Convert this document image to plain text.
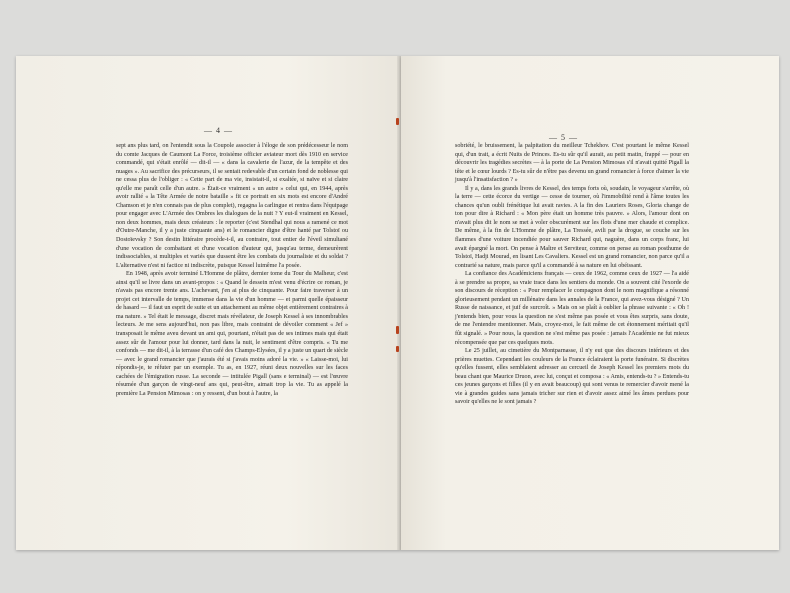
— 4 —

sept ans plus tard, on l'entendit sous la Coupole associer à l'éloge de son prédécesseur le nom du comte Jacques de Caumont La Force, troisième officier aviateur mort dès 1910 en service commandé, qui s'était enrôlé — dit-il — « dans la cavalerie de l'azur, de la tempête et des nuages ». Au sacrifice des précurseurs, il se sentait redevable d'un certain fond de noblesse qui ne cessa plus de l'obliger : « Cette part de ma vie, insistait-il, si exaltée, si naïve et si claire qu'elle me paraît celle d'un autre. » Était-ce vraiment « un autre » celui qui, en 1944, après avoir rallié « la Tête Armée de notre bataille » fit ce portrait en six mots est encore d'André Chamson et je n'en connais pas de plus complet), regagna la carlingue et rentra dans l'équipage pour engager avec L'Armée des Ombres les dialogues de la nuit ? Y eut-il vraiment en Kessel, non deux hommes, mais deux créateurs : le reporter (c'est Stendhal qui nous a ramené ce mot d'Outre-Manche, il y a juste cinquante ans) et le romancier digne d'être hanté par Tolstoï ou Dostoïevsky ? Son destin littéraire procède-t-il, au contraire, tout entier de l'éveil simultané d'une vocation de combattant et d'une vocation d'auteur qui, jusqu'au terme, demeurèrent indissociables, si multiples et variés que dussent être les combats du journaliste et du soldat ? L'alternative n'est ni factice ni indiscrète, puisque Kessel luimême l'a posée.

En 1948, après avoir terminé L'Homme de plâtre, dernier tome du Tour du Malheur, c'est ainsi qu'il se livre dans un avant-propos : « Quand le dessein m'est venu d'écrire ce roman, je n'avais pas encore trente ans. L'achevant, j'en ai plus de cinquante. Pour faire traverser à un projet cet intervalle de temps, immense dans la vie d'un homme — et parmi quelle épaisseur de hasard — il faut un esprit de suite et un attachement au même objet entièrement contraires à ma nature. » Tel était le message, discret mais révélateur, de Joseph Kessel à ses innombrables lecteurs. Je me sens aujourd'hui, non pas libre, mais contraint de dévoiler comment « Jef » transposait le même aveu devant un ami qui, pourtant, n'était pas de ses intimes mais qui était assez sûr de l'amour pour lui donner, tard dans la nuit, le sentiment d'être compris. « Tu me confonds — me dit-il, à la terrasse d'un café des Champs-Elysées, il y a juste un quart de siècle — avec le grand romancier que j'aurais été si j'avais moins adoré la vie. » « Laisse-moi, lui répondis-je, te réfuter par un exemple. Tu as, en 1927, réuni deux nouvelles sur les faces cachées de l'émigration russe. La seconde — intitulée Pigall (sans e terminal) — est l'œuvre résumée d'un garçon de vingt-neuf ans qui, peut-être, aimait trop la vie. Tu as appelé la première La Pension Mimosas : on y ressent, d'un bout à l'autre, la

— 5 —

sobriété, le bruissement, la palpitation du meilleur Tchekhov. C'est pourtant le même Kessel qui, d'un trait, a écrit Nuits de Princes. Es-tu sûr qu'il aurait, au petit matin, frappé — pour en découvrir les tragédies secrètes — à la porte de La Pension Mimosas s'il n'avait quitté Pigall la tête et le cœur lourds ? Es-tu sûr de n'être pas devenu un grand romancier à force d'aimer la vie jusqu'à l'insatisfaction ? »

Il y a, dans les grands livres de Kessel, des temps forts où, soudain, le voyageur s'arrête, où la terre — cette écorce du vertige — cesse de tourner, où l'immobilité rend à l'âme toutes les chances qu'un oubli frénétique lui avait ravies. A la fin des Lauriers Roses, Gloria change de ton pour dire à Richard : « Mon père était un homme très pauvre. » Alors, l'amour dont on n'avait plus dit le nom se met à voler obscurément sur les flots d'une mer chaude et complice. De même, à la fin de L'Homme de plâtre, La Tressée, avili par la drogue, se couche sur les flammes d'une voiture incendiée pour sauver Richard qui, naguère, dans un corps franc, lui avait épargné la mort. On pense à Maître et Serviteur, comme on pense au roman posthume de Tolstoï, Hadji Mourad, en lisant Les Cavaliers. Kessel est un grand romancier, non parce qu'il a contrarié sa nature, mais parce qu'il a commandé à sa nature en lui obéissant.

La confiance des Académiciens français — ceux de 1962, comme ceux de 1927 — l'a aidé à se prendre sa propre, sa vraie trace dans les sentiers du monde. On a souvent cité l'exorde de son discours de réception : « Pour remplacer le compagnon dont le nom magnifique a résonné glorieusement pendant un millénaire dans les annales de la France, qui avez-vous désigné ? Un Russe de naissance, et juif de surcroît. » Mais on se plaît à oublier la phrase suivante : « Oh ! j'entends bien, pour vous la question ne s'est même pas posée et vous êtes surpris, sans doute, de me l'entendre mentionner. Mais, croyez-moi, le fait même de cet étonnement méritait qu'il fût signalé. » Pour nous, la question ne s'est même pas posée : jamais l'Académie ne fut mieux récompensée que par ces quelques mots.

Le 25 juillet, au cimetière du Montparnasse, il n'y eut que des discours intérieurs et des prières muettes. Cependant les couleurs de la France éclairaient la porte funéraire. Si discrètes qu'elles fussent, elles semblaient adresser au cercueil de Joseph Kessel les premiers mots du beau chant que Maurice Druon, avec lui, conçut et composa : « Amis, entends-tu ? » Entends-tu ces jeunes garçons et filles (il y en avait beaucoup) qui sont venus te remercier d'avoir mené la vie à grandes guides sans jamais tricher sur rien et d'avoir assez aimé les âmes perdues pour savoir qu'elles ne le sont jamais ?
